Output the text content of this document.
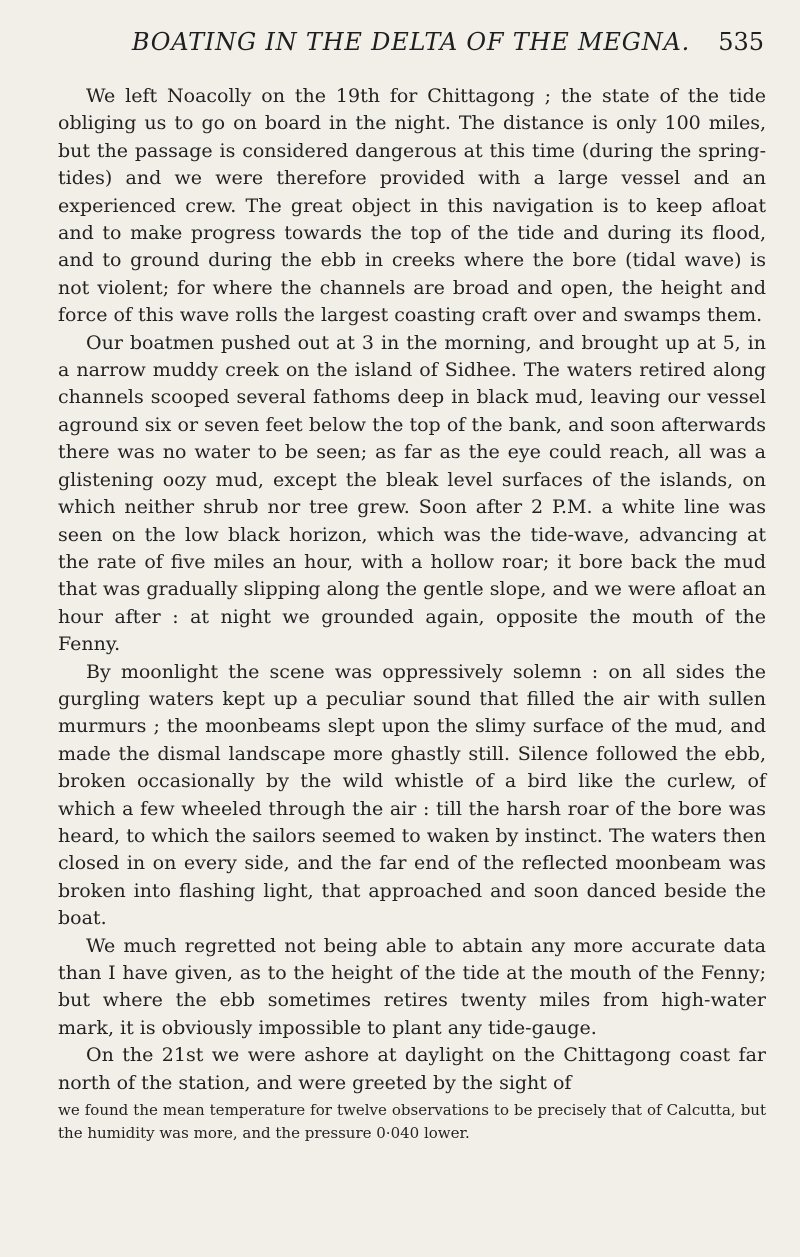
BOATING IN THE DELTA OF THE MEGNA.	535

We left Noacolly on the 19th for Chittagong ; the state of the tide obliging us to go on board in the night. The distance is only 100 miles, but the passage is considered dangerous at this time (during the spring-tides) and we were therefore provided with a large vessel and an experienced crew. The great object in this navigation is to keep afloat and to make progress towards the top of the tide and during its flood, and to ground during the ebb in creeks where the bore (tidal wave) is not violent; for where the channels are broad and open, the height and force of this wave rolls the largest coasting craft over and swamps them.

Our boatmen pushed out at 3 in the morning, and brought up at 5, in a narrow muddy creek on the island of Sidhee. The waters retired along channels scooped several fathoms deep in black mud, leaving our vessel aground six or seven feet below the top of the bank, and soon afterwards there was no water to be seen; as far as the eye could reach, all was a glistening oozy mud, except the bleak level surfaces of the islands, on which neither shrub nor tree grew. Soon after 2 P.M. a white line was seen on the low black horizon, which was the tide-wave, advancing at the rate of five miles an hour, with a hollow roar; it bore back the mud that was gradually slipping along the gentle slope, and we were afloat an hour after : at night we grounded again, opposite the mouth of the Fenny.

By moonlight the scene was oppressively solemn : on all sides the gurgling waters kept up a peculiar sound that filled the air with sullen murmurs ; the moonbeams slept upon the slimy surface of the mud, and made the dismal landscape more ghastly still. Silence followed the ebb, broken occasionally by the wild whistle of a bird like the curlew, of which a few wheeled through the air : till the harsh roar of the bore was heard, to which the sailors seemed to waken by instinct. The waters then closed in on every side, and the far end of the reflected moonbeam was broken into flashing light, that approached and soon danced beside the boat.

We much regretted not being able to abtain any more accurate data than I have given, as to the height of the tide at the mouth of the Fenny; but where the ebb sometimes retires twenty miles from high-water mark, it is obviously impossible to plant any tide-gauge.

On the 21st we were ashore at daylight on the Chittagong coast far north of the station, and were greeted by the sight of

we found the mean temperature for twelve observations to be precisely that of Calcutta, but the humidity was more, and the pressure 0·040 lower.
